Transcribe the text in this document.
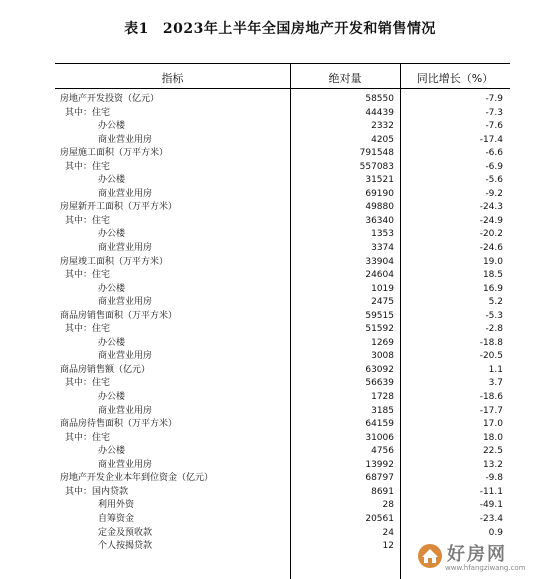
表1 2023年上半年全国房地产开发和销售情况
指标	绝对量	同比增长（%）
房地产开发投资（亿元）	58550	-7.9
其中：住宅	44439	-7.3
办公楼	2332	-7.6
商业营业用房	4205	-17.4
房屋施工面积（万平方米）	791548	-6.6
其中：住宅	557083	-6.9
办公楼	31521	-5.6
商业营业用房	69190	-9.2
房屋新开工面积（万平方米）	49880	-24.3
其中：住宅	36340	-24.9
办公楼	1353	-20.2
商业营业用房	3374	-24.6
房屋竣工面积（万平方米）	33904	19.0
其中：住宅	24604	18.5
办公楼	1019	16.9
商业营业用房	2475	5.2
商品房销售面积（万平方米）	59515	-5.3
其中：住宅	51592	-2.8
办公楼	1269	-18.8
商业营业用房	3008	-20.5
商品房销售额（亿元）	63092	1.1
其中：住宅	56639	3.7
办公楼	1728	-18.6
商业营业用房	3185	-17.7
商品房待售面积（万平方米）	64159	17.0
其中：住宅	31006	18.0
办公楼	4756	22.5
商业营业用房	13992	13.2
房地产开发企业本年到位资金（亿元）	68797	-9.8
其中：国内贷款	8691	-11.1
利用外资	28	-49.1
自筹资金	20561	-23.4
定金及预收款	24	0.9
个人按揭贷款	12	好房网
www.hfangziwang.com
